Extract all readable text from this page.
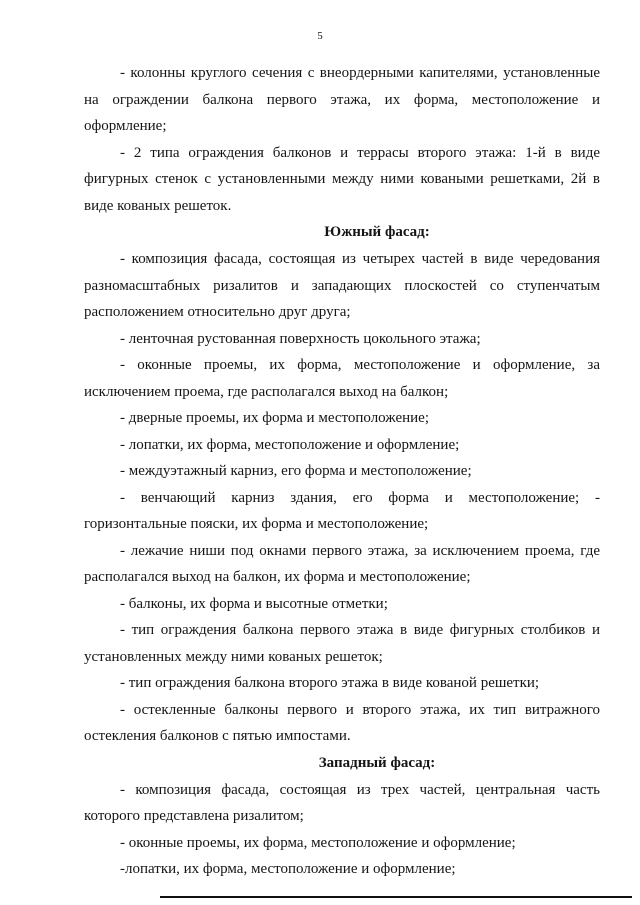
5

- колонны круглого сечения с внеордерными капителями, установленные на ограждении балкона первого этажа, их форма, местоположение и оформление;

- 2 типа ограждения балконов и террасы второго этажа: 1-й в виде фигурных стенок с установленными между ними коваными решетками, 2й в виде кованых решеток.

Южный фасад:

- композиция фасада, состоящая из четырех частей в виде чередования разномасштабных ризалитов и западающих плоскостей со ступенчатым расположением относительно друг друга;

- ленточная рустованная поверхность цокольного этажа;

- оконные проемы, их форма, местоположение и оформление, за исключением проема, где располагался выход на балкон;

- дверные проемы, их форма и местоположение;

- лопатки, их форма, местоположение и оформление;

- междуэтажный карниз, его форма и местоположение;

- венчающий карниз здания, его форма и местоположение; - горизонтальные пояски, их форма и местоположение;

- лежачие ниши под окнами первого этажа, за исключением проема, где располагался выход на балкон, их форма и местоположение;

- балконы, их форма и высотные отметки;

- тип ограждения балкона первого этажа в виде фигурных столбиков и установленных между ними кованых решеток;

- тип ограждения балкона второго этажа в виде кованой решетки;

- остекленные балконы первого и второго этажа, их тип витражного остекления балконов с пятью импостами.

Западный фасад:

- композиция фасада, состоящая из трех частей, центральная часть которого представлена ризалитом;

- оконные проемы, их форма, местоположение и оформление;

-лопатки, их форма, местоположение и оформление;
